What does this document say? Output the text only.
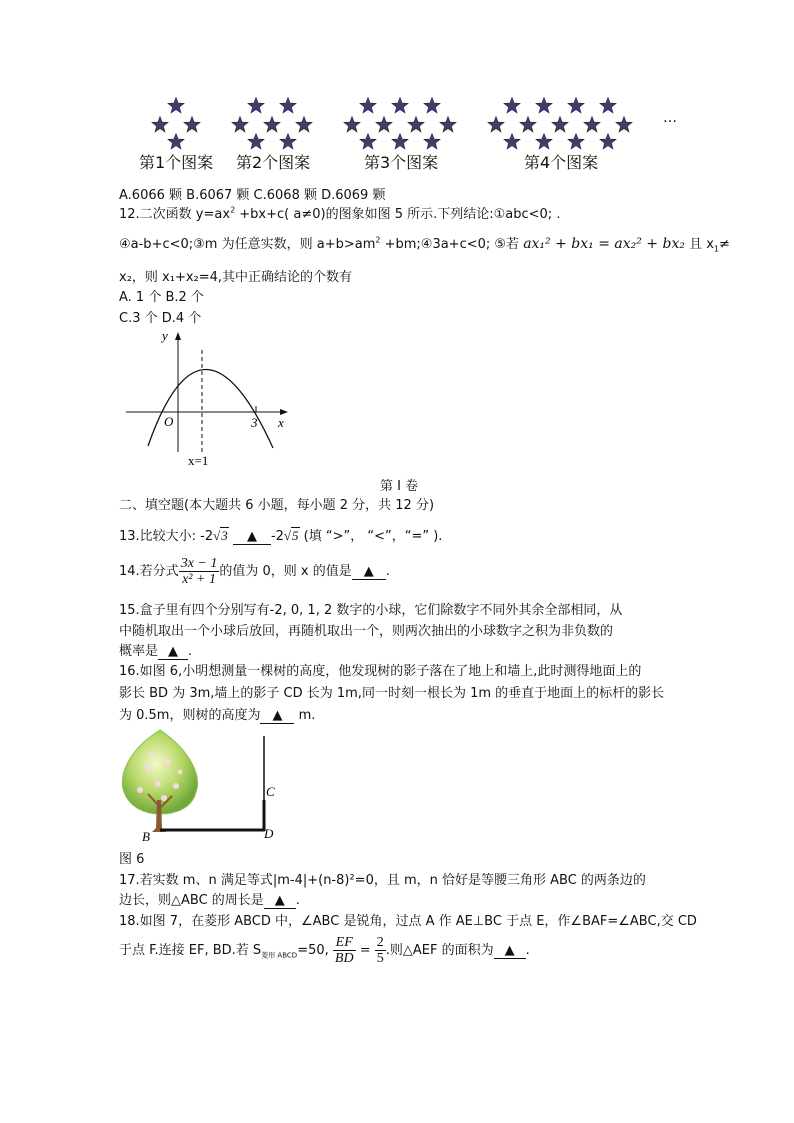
第1个图案 第2个图案	第3个图案	第4个图案
…
A.6066 颗 B.6067 颗 C.6068 颗 D.6069 颗
12.二次函数 $y=ax^2 +bx+c$( a≠0)的图象如图 5 所示.下列结论:①abc<0; .
④a-b+c<0;③m 为任意实数，则 $a+b>am^2$ +bm;④3a+c<0; ⑤若 ax₁² + bx₁ = ax₂² + bx₂ 且 $x_1\ne$
x₂，则 x₁+x₂=4,其中正确结论的个数有
A. 1 个 B.2 个
C.3 个 D.4 个
y
x
O	3
x=1
第 I 卷
二、填空题(本大题共 6 小题，每小题 2 分，共 12 分)
13.比较大小: -2√3 ▲ -2√5 (填 “>”， “<”，“=” ).
14.若分式 $\frac{3x - 1}{\text{x² + 1}}$ 的值为 0，则 x 的值是 ▲ .
15.盒子里有四个分别写有-2, 0, 1, 2 数字的小球，它们除数字不同外其余全部相同，从
中随机取出一个小球后放回，再随机取出一个，则两次抽出的小球数字之积为非负数的
概率是 ▲ .
16.如图 6,小明想测量一棵树的高度，他发现树的影子落在了地上和墙上,此时测得地面上的
影长 BD 为 3m,墙上的影子 CD 长为 1m,同一时刻一根长为 1m 的垂直于地面上的标杆的影长
为 0.5m，则树的高度为 ▲ m.
B
C
D
图 6
17.若实数 m、n 满足等式|m-4|+(n-8)²=0，且 m，n 恰好是等腰三角形 ABC 的两条边的
边长，则△ABC 的周长是 ▲ .
18.如图 7，在菱形 ABCD 中，∠ABC 是锐角，过点 A 作 AE⊥BC 于点 E，作∠BAF=∠ABC,交 CD
于点 F.连接 EF, BD.若 $S_{菱形 ABCD}=50$, $\frac{EF}{BD} = \frac{2}{5}$ .则△AEF 的面积为 ▲ .
